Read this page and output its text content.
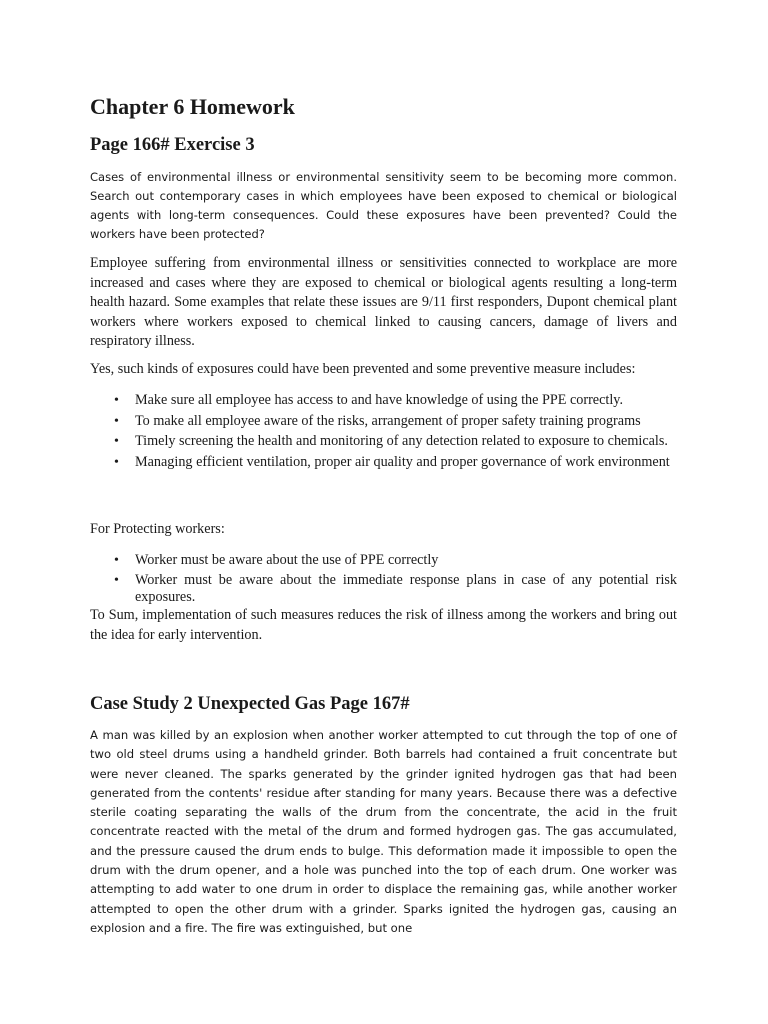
Chapter 6 Homework
Page 166# Exercise 3

Cases of environmental illness or environmental sensitivity seem to be becoming more common. Search out contemporary cases in which employees have been exposed to chemical or biological agents with long-term consequences. Could these exposures have been prevented? Could the workers have been protected?

Employee suffering from environmental illness or sensitivities connected to workplace are more increased and cases where they are exposed to chemical or biological agents resulting a long-term health hazard. Some examples that relate these issues are 9/11 first responders, Dupont chemical plant workers where workers exposed to chemical linked to causing cancers, damage of livers and respiratory illness.

Yes, such kinds of exposures could have been prevented and some preventive measure includes:

• Make sure all employee has access to and have knowledge of using the PPE correctly.
• To make all employee aware of the risks, arrangement of proper safety training programs
• Timely screening the health and monitoring of any detection related to exposure to chemicals.
• Managing efficient ventilation, proper air quality and proper governance of work environment

For Protecting workers:

• Worker must be aware about the use of PPE correctly
• Worker must be aware about the immediate response plans in case of any potential risk exposures.

To Sum, implementation of such measures reduces the risk of illness among the workers and bring out the idea for early intervention.

Case Study 2 Unexpected Gas Page 167#

A man was killed by an explosion when another worker attempted to cut through the top of one of two old steel drums using a handheld grinder. Both barrels had contained a fruit concentrate but were never cleaned. The sparks generated by the grinder ignited hydrogen gas that had been generated from the contents' residue after standing for many years. Because there was a defective sterile coating separating the walls of the drum from the concentrate, the acid in the fruit concentrate reacted with the metal of the drum and formed hydrogen gas. The gas accumulated, and the pressure caused the drum ends to bulge. This deformation made it impossible to open the drum with the drum opener, and a hole was punched into the top of each drum. One worker was attempting to add water to one drum in order to displace the remaining gas, while another worker attempted to open the other drum with a grinder. Sparks ignited the hydrogen gas, causing an explosion and a fire. The fire was extinguished, but one
